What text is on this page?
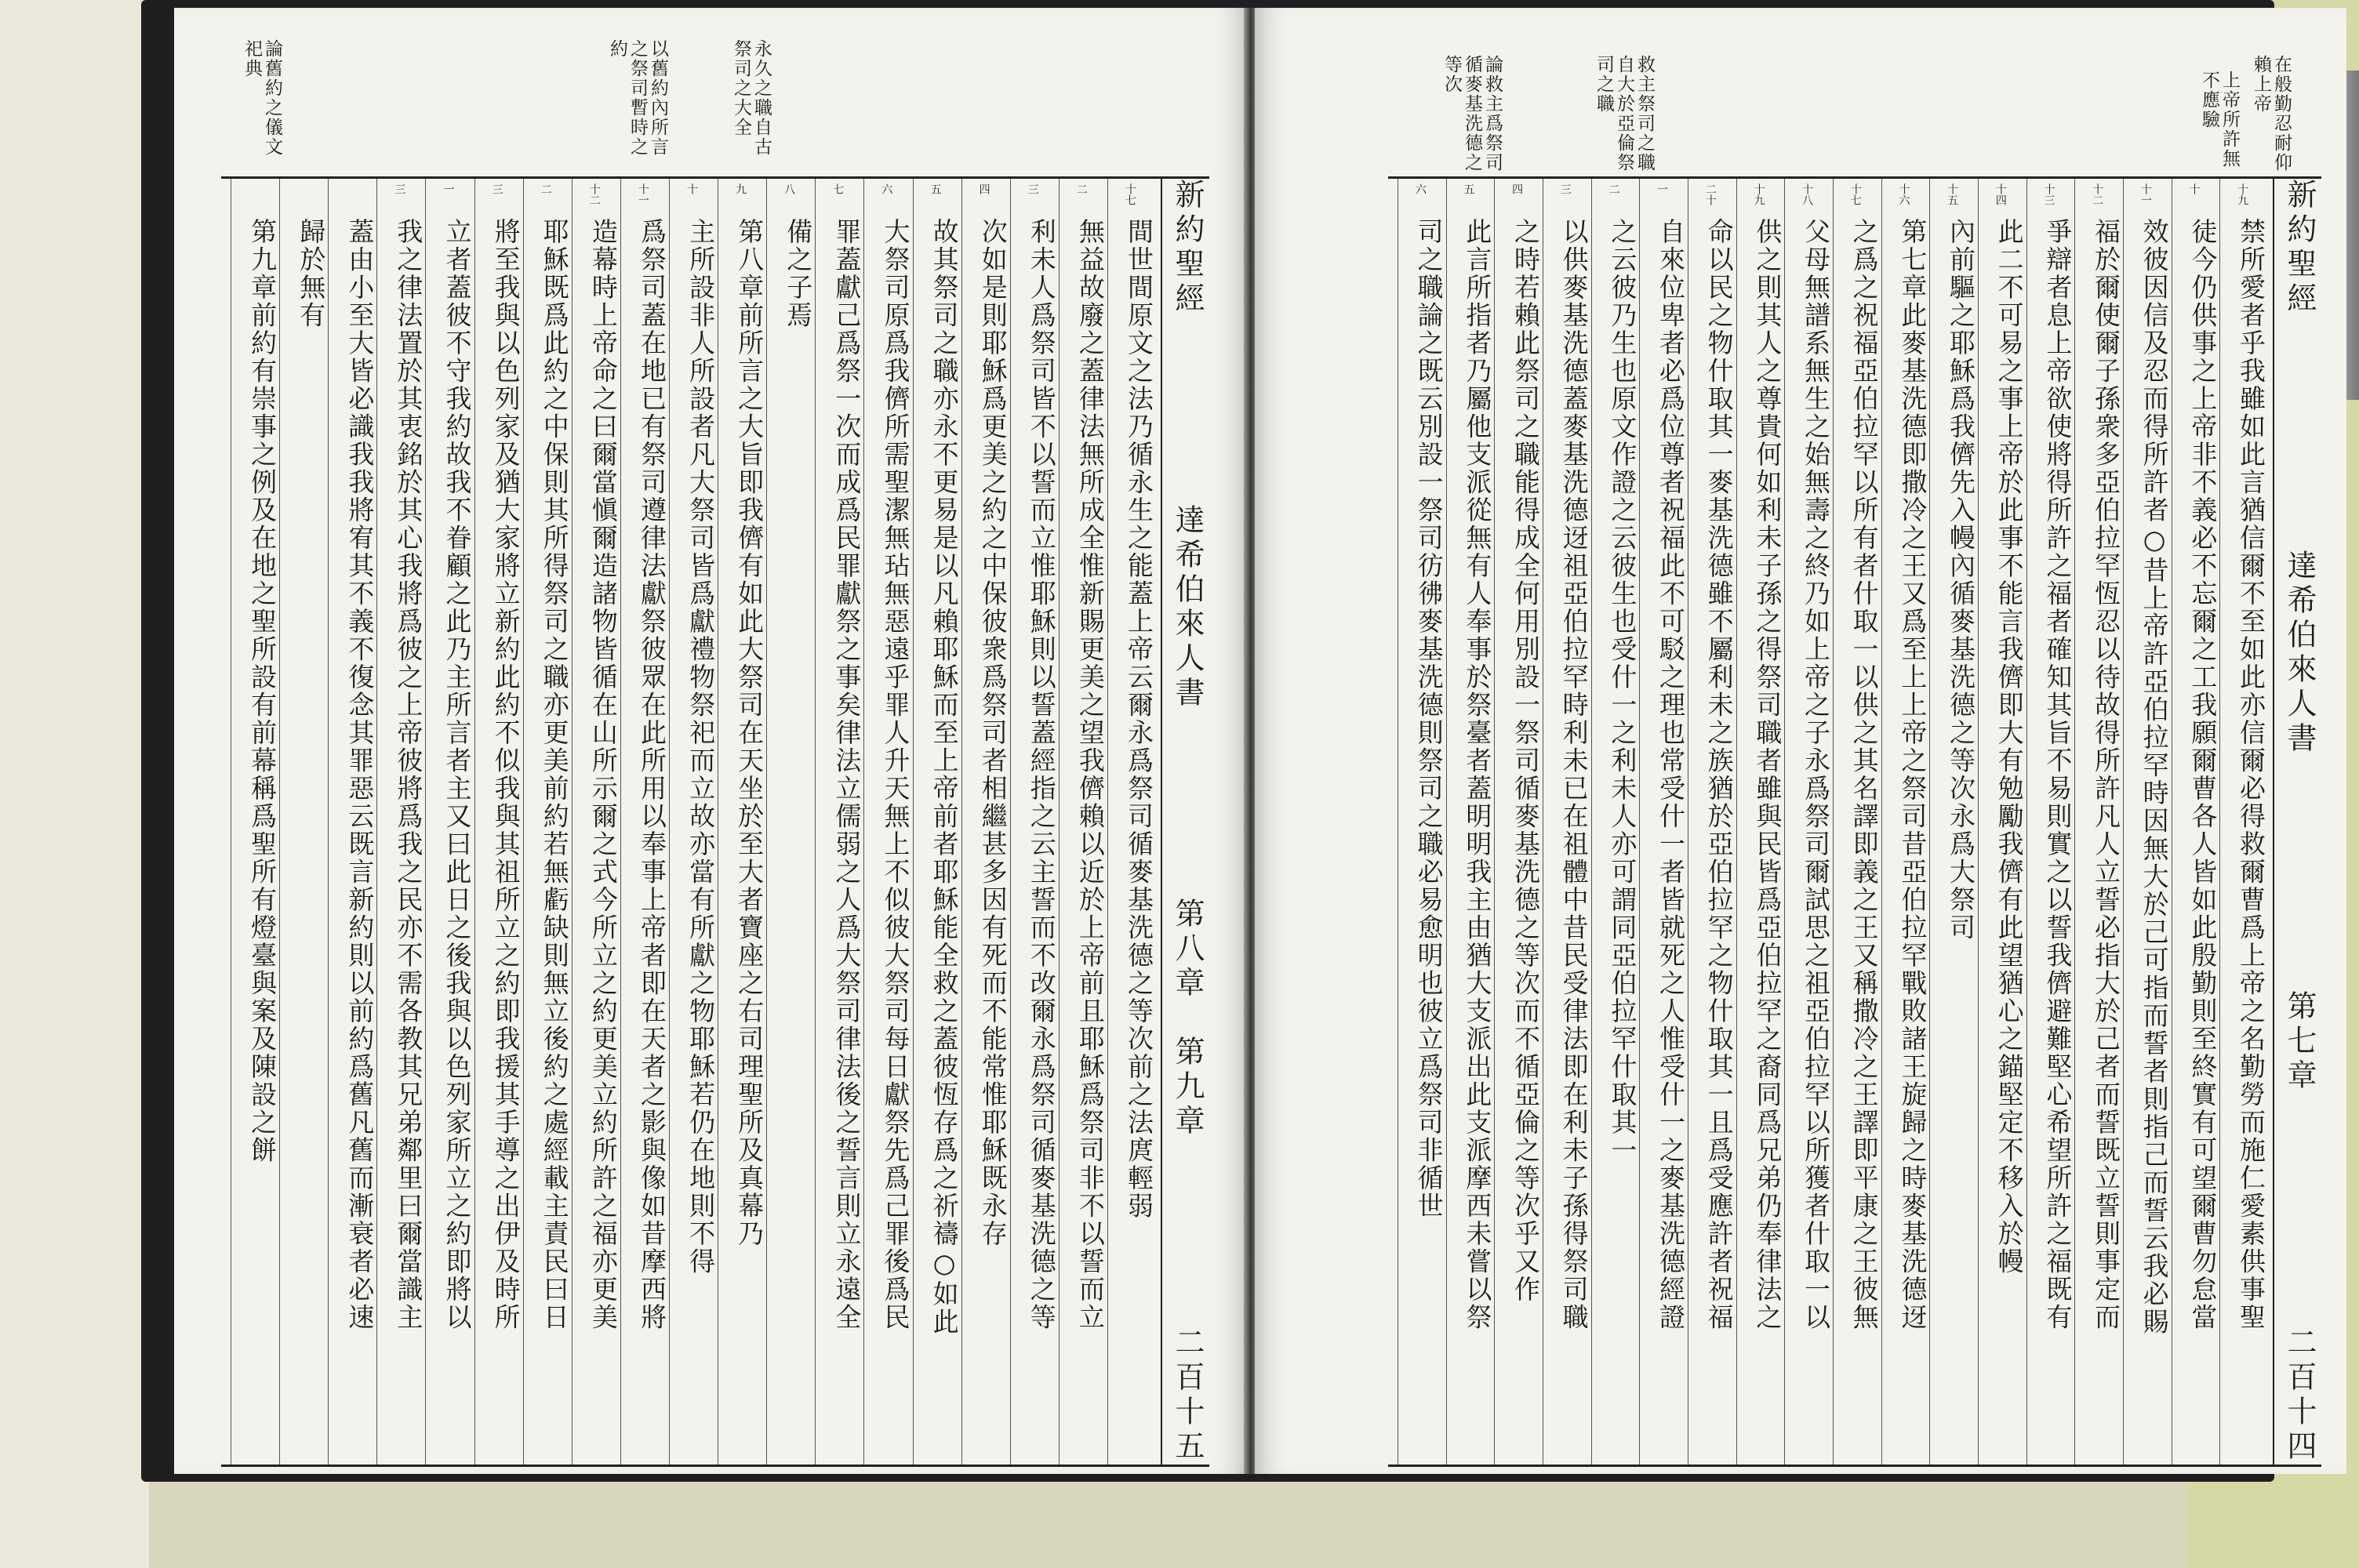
論舊約之儀文祀典	以舊約內所言之祭司暫時之約	永久之職自古祭司之大全
新約聖經
達希伯來人書
第八章　第九章
二百十五
間世間原文之法乃循永生之能蓋上帝云爾永爲祭司循麥基洗德之等次前之法庹輕弱
無益故廢之蓋律法無所成全惟新賜更美之望我儕賴以近於上帝前且耶穌爲祭司非不以誓而立
利未人爲祭司皆不以誓而立惟耶穌則以誓蓋經指之云主誓而不改爾永爲祭司循麥基洗德之等
次如是則耶穌爲更美之約之中保彼衆爲祭司者相繼甚多因有死而不能常惟耶穌既永存
故其祭司之職亦永不更易是以凡賴耶穌而至上帝前者耶穌能全救之蓋彼恆存爲之祈禱○如此
大祭司原爲我儕所需聖潔無玷無惡遠乎罪人升天無上不似彼大祭司每日獻祭先爲己罪後爲民
罪蓋獻己爲祭一次而成爲民罪獻祭之事矣律法立儒弱之人爲大祭司律法後之誓言則立永遠全
備之子焉
第八章前所言之大旨即我儕有如此大祭司在天坐於至大者寶座之右司理聖所及真幕乃
主所設非人所設者凡大祭司皆爲獻禮物祭祀而立故亦當有所獻之物耶穌若仍在地則不得
爲祭司蓋在地已有祭司遵律法獻祭彼眾在此所用以奉事上帝者即在天者之影與像如昔摩西將
造幕時上帝命之曰爾當愼爾造諸物皆循在山所示爾之式今所立之約更美立約所許之福亦更美
耶穌既爲此約之中保則其所得祭司之職亦更美前約若無虧缺則無立後約之處經載主責民曰日
將至我與以色列家及猶大家將立新約此約不似我與其祖所立之約即我援其手導之出伊及時所
立者蓋彼不守我約故我不眷顧之此乃主所言者主又曰此日之後我與以色列家所立之約即將以
我之律法置於其衷銘於其心我將爲彼之上帝彼將爲我之民亦不需各教其兄弟鄰里曰爾當識主
蓋由小至大皆必識我我將宥其不義不復念其罪惡云既言新約則以前約爲舊凡舊而漸衰者必速
歸於無有
第九章前約有崇事之例及在地之聖所設有前幕稱爲聖所有燈臺與案及陳設之餅
十七
二
三
四
五
六
七
八
九
十
十一
十二
二
三
一
三
在般勤忍耐仰賴上帝
上帝所許無不應驗
論救主爲祭司循麥基洗德之等次	救主祭司之職自大於亞倫祭司之職
新約聖經
達希伯來人書
第七章
二百十四
禁所愛者乎我雖如此言猶信爾不至如此亦信爾必得救爾曹爲上帝之名勤勞而施仁愛素供事聖
徒今仍供事之上帝非不義必不忘爾之工我願爾曹各人皆如此殷勤則至終實有可望爾曹勿怠當
效彼因信及忍而得所許者○昔上帝許亞伯拉罕時因無大於己可指而誓者則指己而誓云我必賜
福於爾使爾子孫衆多亞伯拉罕恆忍以待故得所許凡人立誓必指大於己者而誓既立誓則事定而
爭辯者息上帝欲使將得所許之福者確知其旨不易則實之以誓我儕避難堅心希望所許之福既有
此二不可易之事上帝於此事不能言我儕即大有勉勵我儕有此望猶心之錨堅定不移入於幔
內前驅之耶穌爲我儕先入幔內循麥基洗德之等次永爲大祭司
第七章此麥基洗德即撒冷之王又爲至上上帝之祭司昔亞伯拉罕戰敗諸王旋歸之時麥基洗德迓
之爲之祝福亞伯拉罕以所有者什取一以供之其名譯即義之王又稱撒冷之王譯即平康之王彼無
父母無譜系無生之始無壽之終乃如上帝之子永爲祭司爾試思之祖亞伯拉罕以所獲者什取一以
供之則其人之尊貴何如利未子孫之得祭司職者雖與民皆爲亞伯拉罕之裔同爲兄弟仍奉律法之
命以民之物什取其一麥基洗德雖不屬利未之族猶於亞伯拉罕之物什取其一且爲受應許者祝福
自來位卑者必爲位尊者祝福此不可駁之理也常受什一者皆就死之人惟受什一之麥基洗德經證
之云彼乃生也原文作證之云彼生也受什一之利未人亦可謂同亞伯拉罕什取其一
以供麥基洗德蓋麥基洗德迓祖亞伯拉罕時利未已在祖體中昔民受律法即在利未子孫得祭司職
之時若賴此祭司之職能得成全何用別設一祭司循麥基洗德之等次而不循亞倫之等次乎又作
此言所指者乃屬他支派從無有人奉事於祭臺者蓋明明我主由猶大支派出此支派摩西未嘗以祭
司之職論之既云別設一祭司彷彿麥基洗德則祭司之職必易愈明也彼立爲祭司非循世
十九
十
十一
十二
十三
十四
十五
十六
十七
十八
十九
二十
一
二
三
四
五
六
